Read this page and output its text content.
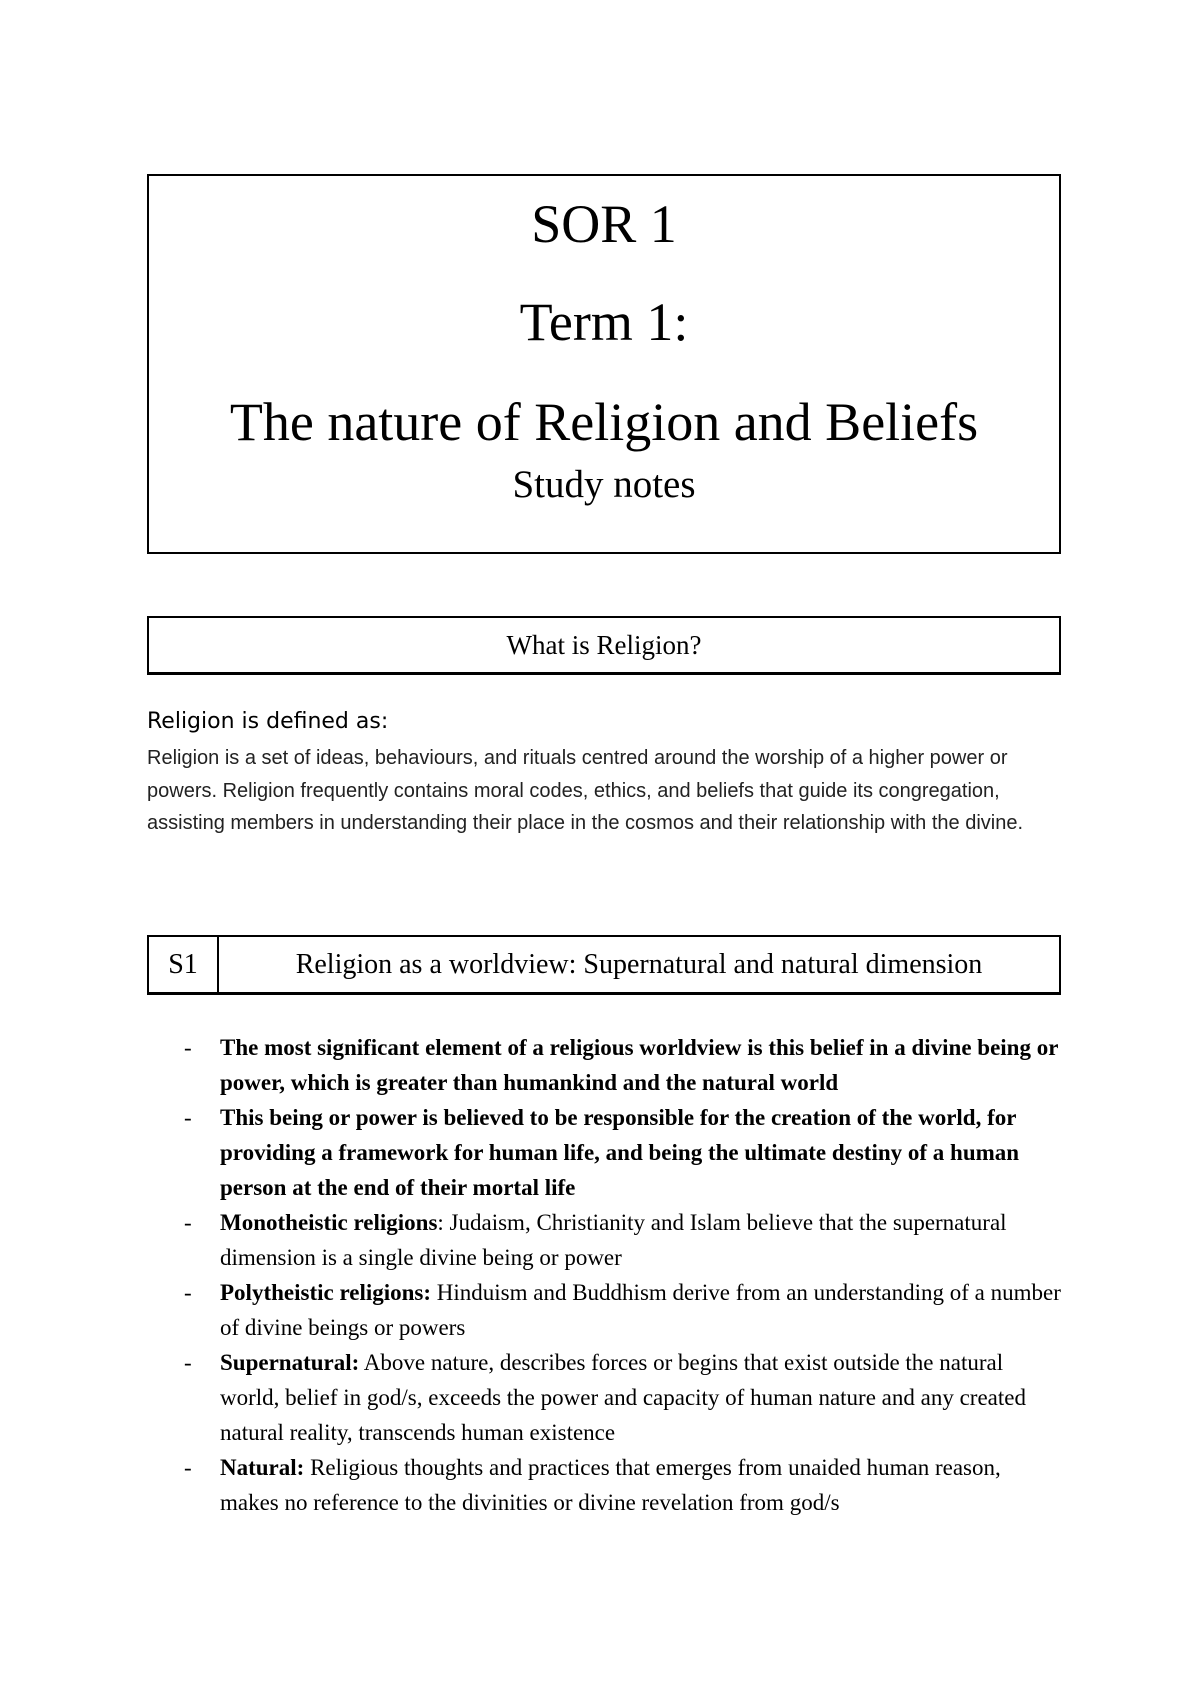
SOR 1
Term 1:
The nature of Religion and Beliefs
Study notes
What is Religion?
Religion is defined as:
Religion is a set of ideas, behaviours, and rituals centred around the worship of a higher power or powers. Religion frequently contains moral codes, ethics, and beliefs that guide its congregation, assisting members in understanding their place in the cosmos and their relationship with the divine.
S1	Religion as a worldview: Supernatural and natural dimension
- The most significant element of a religious worldview is this belief in a divine being or power, which is greater than humankind and the natural world
- This being or power is believed to be responsible for the creation of the world, for providing a framework for human life, and being the ultimate destiny of a human person at the end of their mortal life
- Monotheistic religions: Judaism, Christianity and Islam believe that the supernatural dimension is a single divine being or power
- Polytheistic religions: Hinduism and Buddhism derive from an understanding of a number of divine beings or powers
- Supernatural: Above nature, describes forces or begins that exist outside the natural world, belief in god/s, exceeds the power and capacity of human nature and any created natural reality, transcends human existence
- Natural: Religious thoughts and practices that emerges from unaided human reason, makes no reference to the divinities or divine revelation from god/s
